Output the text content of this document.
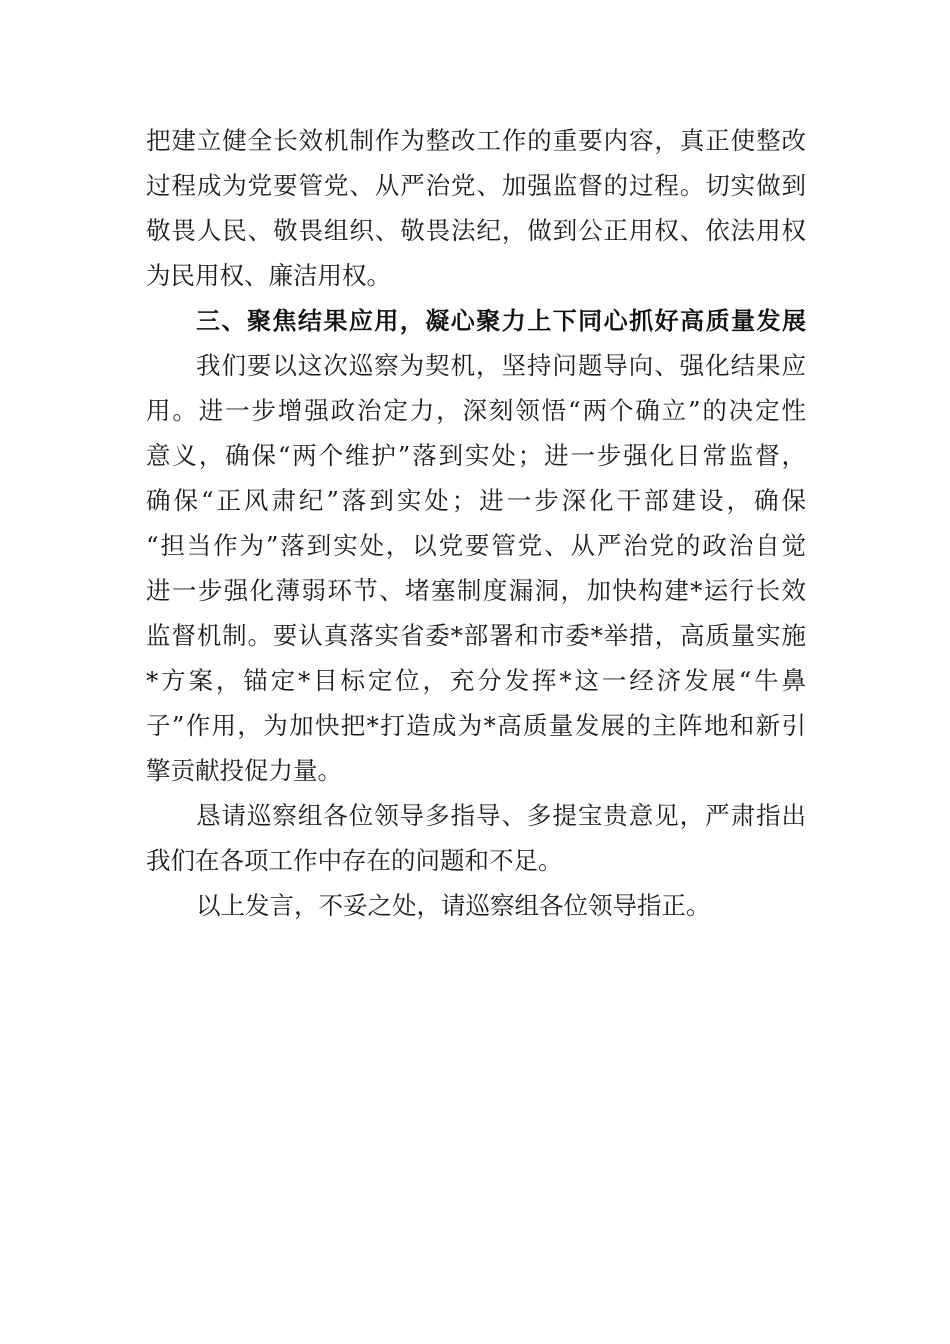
把建立健全长效机制作为整改工作的重要内容，真正使整改
过程成为党要管党、从严治党、加强监督的过程。切实做到
敬畏人民、敬畏组织、敬畏法纪，做到公正用权、依法用权
为民用权、廉洁用权。
三、聚焦结果应用，凝心聚力上下同心抓好高质量发展
我们要以这次巡察为契机，坚持问题导向、强化结果应
用。进一步增强政治定力，深刻领悟“两个确立”的决定性
意义，确保“两个维护”落到实处；进一步强化日常监督，
确保“正风肃纪”落到实处；进一步深化干部建设，确保
“担当作为”落到实处，以党要管党、从严治党的政治自觉
进一步强化薄弱环节、堵塞制度漏洞，加快构建*运行长效
监督机制。要认真落实省委*部署和市委*举措，高质量实施
*方案，锚定*目标定位，充分发挥*这一经济发展“牛鼻
子”作用，为加快把*打造成为*高质量发展的主阵地和新引
擎贡献投促力量。
恳请巡察组各位领导多指导、多提宝贵意见，严肃指出
我们在各项工作中存在的问题和不足。
以上发言，不妥之处，请巡察组各位领导指正。
